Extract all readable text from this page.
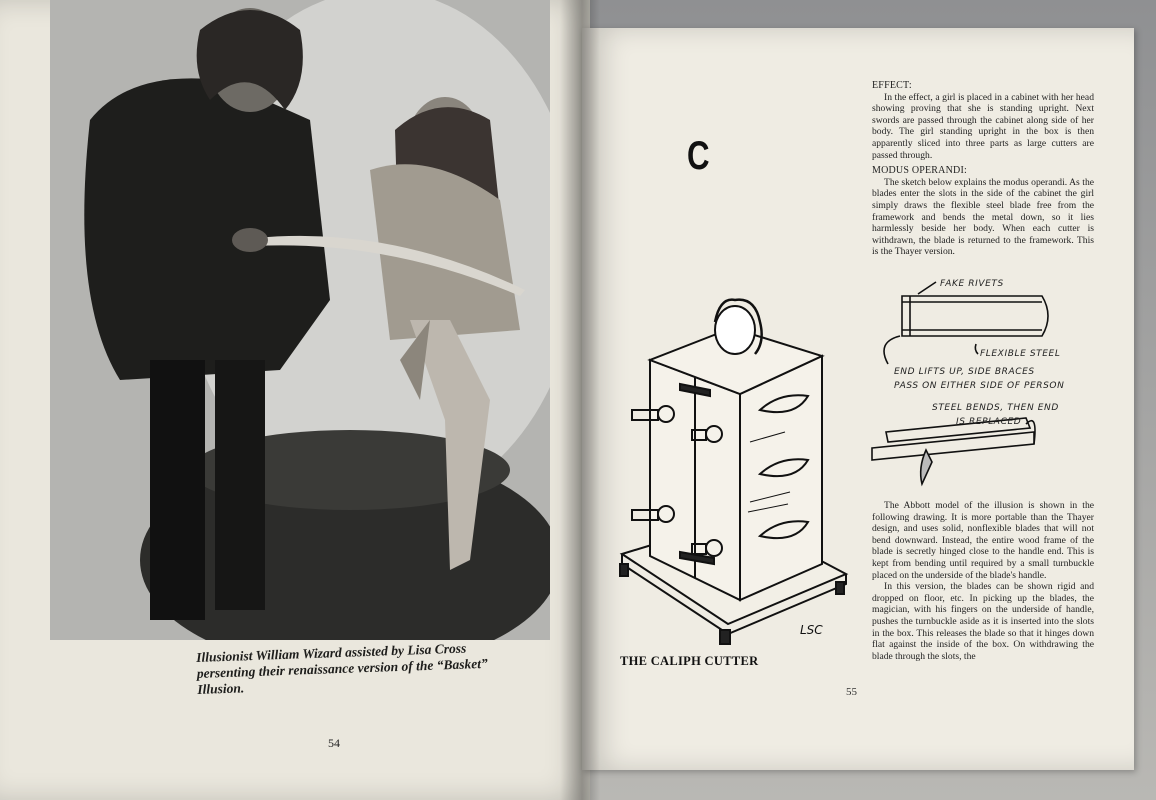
Illusionist William Wizard assisted by Lisa Cross persenting their renaissance version of the “Basket” Illusion.
54
C
LSC
THE CALIPH CUTTER
55
EFFECT:

In the effect, a girl is placed in a cabinet with her head showing proving that she is standing upright. Next swords are passed through the cabinet along side of her body. The girl standing upright in the box is then apparently sliced into three parts as large cutters are passed through.

MODUS OPERANDI:

The sketch below explains the modus operandi. As the blades enter the slots in the side of the cabinet the girl simply draws the flexible steel blade free from the framework and bends the metal down, so it lies harmlessly beside her body. When each cutter is withdrawn, the blade is returned to the framework. This is the Thayer version.

FAKE RIVETS
FLEXIBLE STEEL
END LIFTS UP, SIDE BRACES
PASS ON EITHER SIDE OF PERSON
STEEL BENDS, THEN END
IS REPLACED

The Abbott model of the illusion is shown in the following drawing. It is more portable than the Thayer design, and uses solid, nonflexible blades that will not bend downward. Instead, the entire wood frame of the blade is secretly hinged close to the handle end. This is kept from bending until required by a small turnbuckle placed on the underside of the blade's handle.

In this version, the blades can be shown rigid and dropped on floor, etc. In picking up the blades, the magician, with his fingers on the underside of handle, pushes the turnbuckle aside as it is inserted into the slots in the box. This releases the blade so that it hinges down flat against the inside of the box. On withdrawing the blade through the slots, the
